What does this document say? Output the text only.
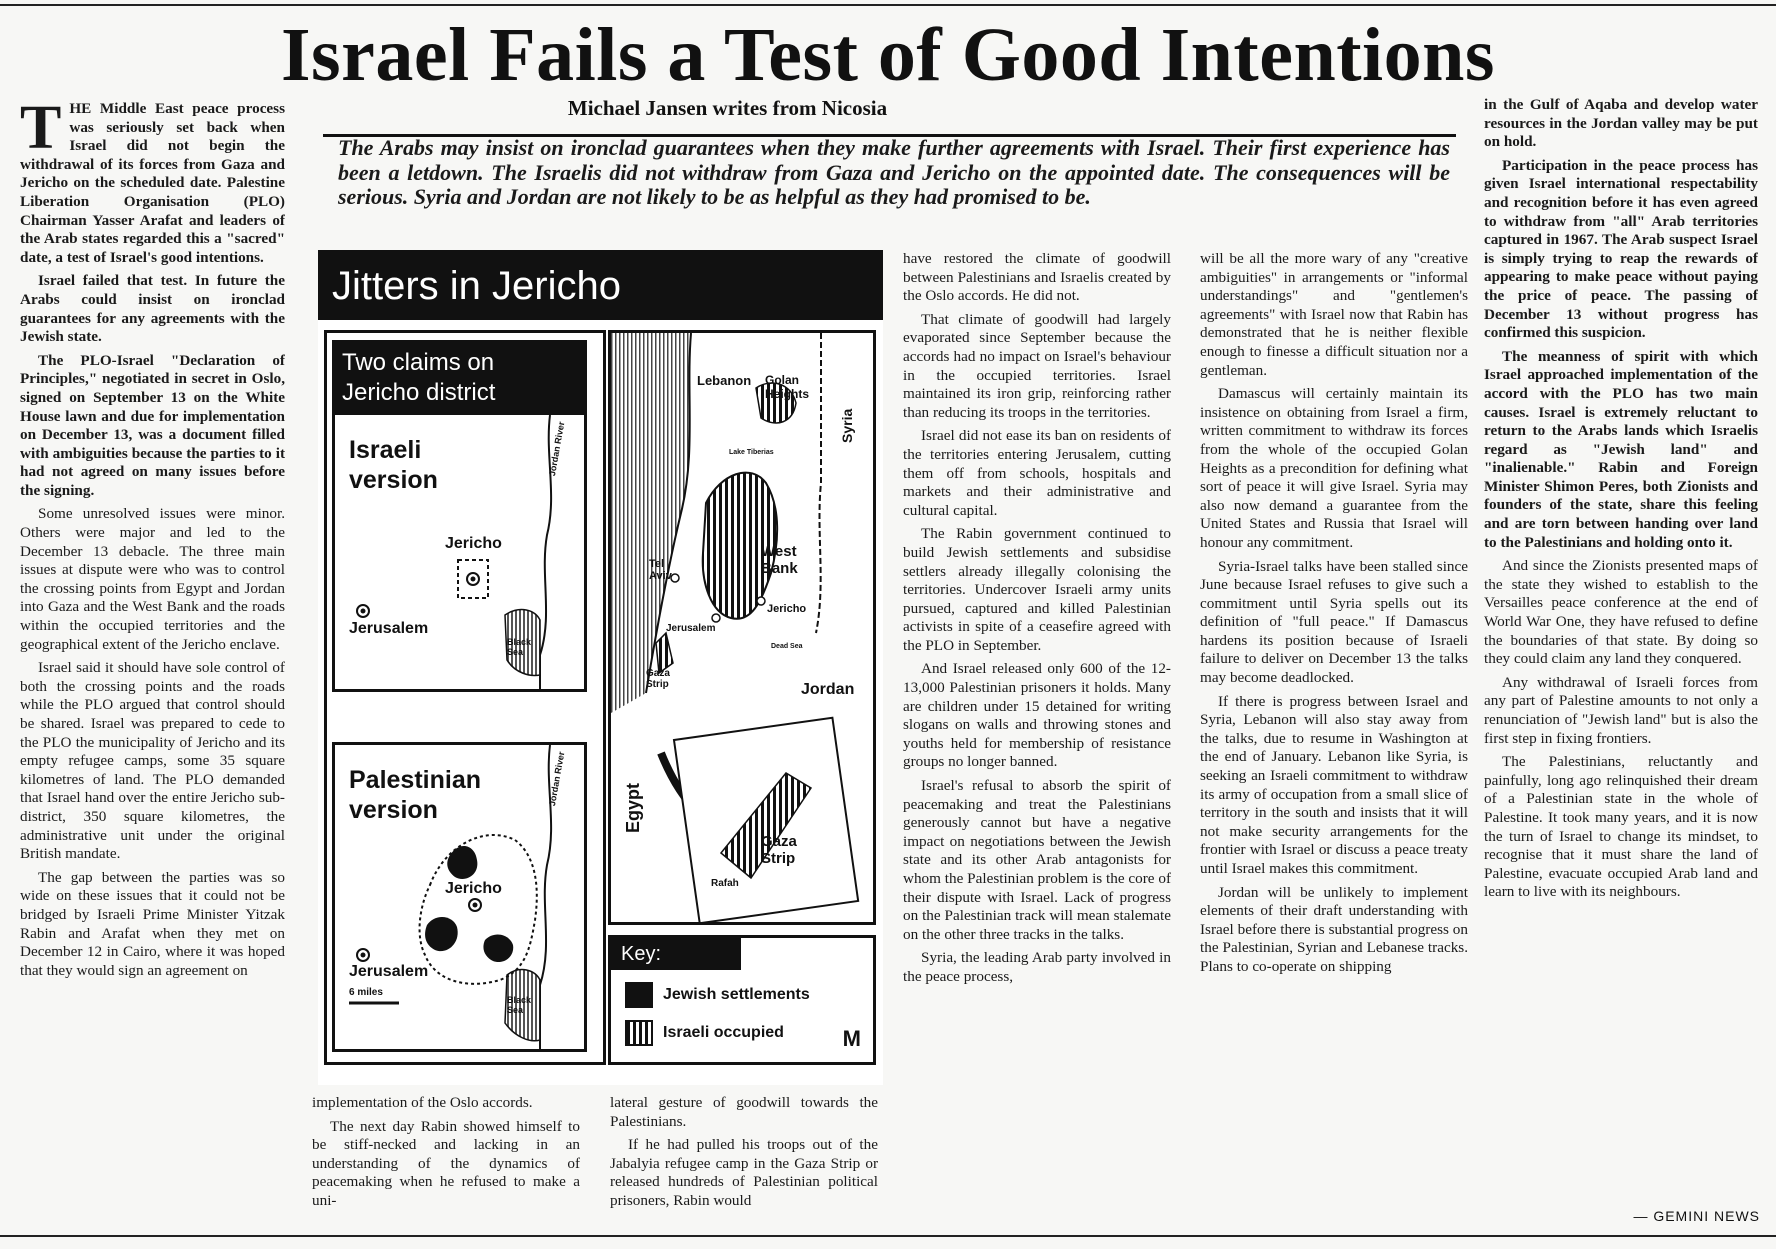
Israel Fails a Test of Good Intentions
Michael Jansen writes from Nicosia
The Arabs may insist on ironclad guarantees when they make further agreements with Israel. Their first experience has been a letdown. The Israelis did not withdraw from Gaza and Jericho on the appointed date. The consequences will be serious. Syria and Jordan are not likely to be as helpful as they had promised to be.

THE Middle East peace process was seriously set back when Israel did not begin the withdrawal of its forces from Gaza and Jericho on the scheduled date. Palestine Liberation Organisation (PLO) Chairman Yasser Arafat and leaders of the Arab states regarded this a "sacred" date, a test of Israel's good intentions.

Israel failed that test. In future the Arabs could insist on ironclad guarantees for any agreements with the Jewish state.

The PLO-Israel "Declaration of Principles," negotiated in secret in Oslo, signed on September 13 on the White House lawn and due for implementation on December 13, was a document filled with ambiguities because the parties to it had not agreed on many issues before the signing.

Some unresolved issues were minor. Others were major and led to the December 13 debacle. The three main issues at dispute were who was to control the crossing points from Egypt and Jordan into Gaza and the West Bank and the roads within the occupied territories and the geographical extent of the Jericho enclave.

Israel said it should have sole control of both the crossing points and the roads while the PLO argued that control should be shared. Israel was prepared to cede to the PLO the municipality of Jericho and its empty refugee camps, some 35 square kilometres of land. The PLO demanded that Israel hand over the entire Jericho sub-district, 350 square kilometres, the administrative unit under the original British mandate.

The gap between the parties was so wide on these issues that it could not be bridged by Israeli Prime Minister Yitzak Rabin and Arafat when they met on December 12 in Cairo, where it was hoped that they would sign an agreement on

Jitters in Jericho
Two claims on
Jericho district
Israeli
version
Jericho
Jerusalem
Jordan River
Black
Sea
Palestinian
version
Jericho
Jerusalem
6 miles
Jordan River
Black
Sea
Lebanon Golan
Heights
Syria
Lake Tiberias
Tel
Aviv
West
Bank
Jerusalem
Jericho
Dead Sea
Gaza
Strip	Jordan
Egypt
Gaza
Strip
Rafah
Key:
Jewish settlements
Israeli occupied	M

implementation of the Oslo accords.

The next day Rabin showed himself to be stiff-necked and lacking in an understanding of the dynamics of peacemaking when he refused to make a uni-

lateral gesture of goodwill towards the Palestinians.

If he had pulled his troops out of the Jabalyia refugee camp in the Gaza Strip or released hundreds of Palestinian political prisoners, Rabin would

have restored the climate of goodwill between Palestinians and Israelis created by the Oslo accords. He did not.

That climate of goodwill had largely evaporated since September because the accords had no impact on Israel's behaviour in the occupied territories. Israel maintained its iron grip, reinforcing rather than reducing its troops in the territories.

Israel did not ease its ban on residents of the territories entering Jerusalem, cutting them off from schools, hospitals and markets and their administrative and cultural capital.

The Rabin government continued to build Jewish settlements and subsidise settlers already illegally colonising the territories. Undercover Israeli army units pursued, captured and killed Palestinian activists in spite of a ceasefire agreed with the PLO in September.

And Israel released only 600 of the 12-13,000 Palestinian prisoners it holds. Many are children under 15 detained for writing slogans on walls and throwing stones and youths held for membership of resistance groups no longer banned.

Israel's refusal to absorb the spirit of peacemaking and treat the Palestinians generously cannot but have a negative impact on negotiations between the Jewish state and its other Arab antagonists for whom the Palestinian problem is the core of their dispute with Israel. Lack of progress on the Palestinian track will mean stalemate on the other three tracks in the talks.

Syria, the leading Arab party involved in the peace process,

will be all the more wary of any "creative ambiguities" in arrangements or "informal understandings" and "gentlemen's agreements" with Israel now that Rabin has demonstrated that he is neither flexible enough to finesse a difficult situation nor a gentleman.

Damascus will certainly maintain its insistence on obtaining from Israel a firm, written commitment to withdraw its forces from the whole of the occupied Golan Heights as a precondition for defining what sort of peace it will give Israel. Syria may also now demand a guarantee from the United States and Russia that Israel will honour any commitment.

Syria-Israel talks have been stalled since June because Israel refuses to give such a commitment until Syria spells out its definition of "full peace." If Damascus hardens its position because of Israeli failure to deliver on December 13 the talks may become deadlocked.

If there is progress between Israel and Syria, Lebanon will also stay away from the talks, due to resume in Washington at the end of January. Lebanon like Syria, is seeking an Israeli commitment to withdraw its army of occupation from a small slice of territory in the south and insists that it will not make security arrangements for the frontier with Israel or discuss a peace treaty until Israel makes this commitment.

Jordan will be unlikely to implement elements of their draft understanding with Israel before there is substantial progress on the Palestinian, Syrian and Lebanese tracks. Plans to co-operate on shipping

in the Gulf of Aqaba and develop water resources in the Jordan valley may be put on hold.

Participation in the peace process has given Israel international respectability and recognition before it has even agreed to withdraw from "all" Arab territories captured in 1967. The Arab suspect Israel is simply trying to reap the rewards of appearing to make peace without paying the price of peace. The passing of December 13 without progress has confirmed this suspicion.

The meanness of spirit with which Israel approached implementation of the accord with the PLO has two main causes. Israel is extremely reluctant to return to the Arabs lands which Israelis regard as "Jewish land" and "inalienable." Rabin and Foreign Minister Shimon Peres, both Zionists and founders of the state, share this feeling and are torn between handing over land to the Palestinians and holding onto it.

And since the Zionists presented maps of the state they wished to establish to the Versailles peace conference at the end of World War One, they have refused to define the boundaries of that state. By doing so they could claim any land they conquered.

Any withdrawal of Israeli forces from any part of Palestine amounts to not only a renunciation of "Jewish land" but is also the first step in fixing frontiers.

The Palestinians, reluctantly and painfully, long ago relinquished their dream of a Palestinian state in the whole of Palestine. It took many years, and it is now the turn of Israel to change its mindset, to recognise that it must share the land of Palestine, evacuate occupied Arab land and learn to live with its neighbours.

— GEMINI NEWS
